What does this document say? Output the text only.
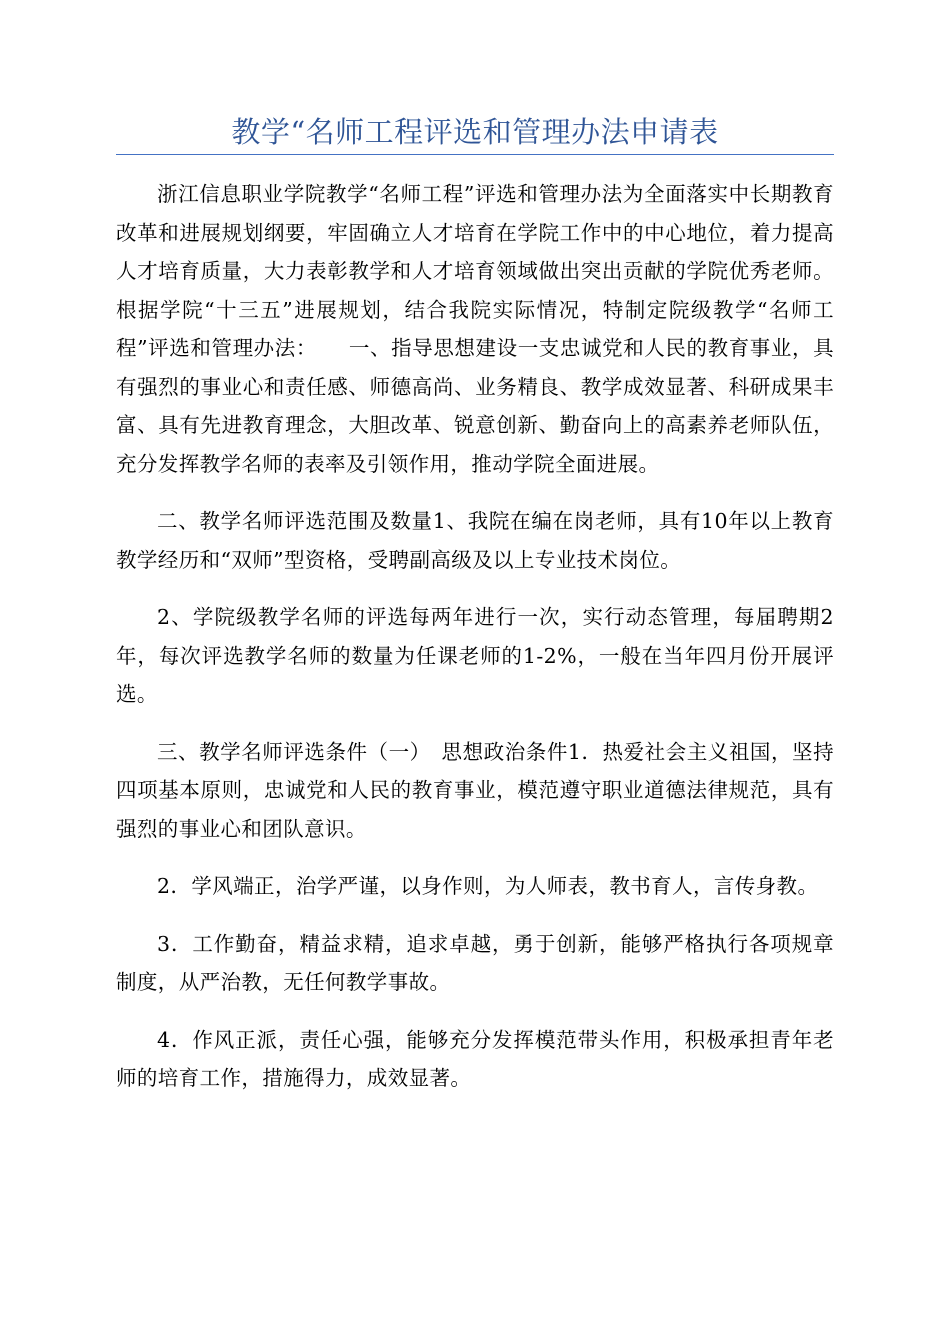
教学“名师工程评选和管理办法申请表

浙江信息职业学院教学“名师工程”评选和管理办法为全面落实中长期教育改革和进展规划纲要，牢固确立人才培育在学院工作中的中心地位，着力提高人才培育质量，大力表彰教学和人才培育领域做出突出贡献的学院优秀老师。根据学院“十三五”进展规划，结合我院实际情况，特制定院级教学“名师工程”评选和管理办法：　　一、指导思想建设一支忠诚党和人民的教育事业，具有强烈的事业心和责任感、师德高尚、业务精良、教学成效显著、科研成果丰富、具有先进教育理念，大胆改革、锐意创新、勤奋向上的高素养老师队伍，充分发挥教学名师的表率及引领作用，推动学院全面进展。

二、教学名师评选范围及数量1、我院在编在岗老师，具有10年以上教育教学经历和“双师”型资格，受聘副高级及以上专业技术岗位。

2、学院级教学名师的评选每两年进行一次，实行动态管理，每届聘期2年，每次评选教学名师的数量为任课老师的1-2%，一般在当年四月份开展评选。

三、教学名师评选条件（一）　思想政治条件1．热爱社会主义祖国，坚持四项基本原则，忠诚党和人民的教育事业，模范遵守职业道德法律规范，具有强烈的事业心和团队意识。

2．学风端正，治学严谨，以身作则，为人师表，教书育人，言传身教。

3．工作勤奋，精益求精，追求卓越，勇于创新，能够严格执行各项规章制度，从严治教，无任何教学事故。

4．作风正派，责任心强，能够充分发挥模范带头作用，积极承担青年老师的培育工作，措施得力，成效显著。
